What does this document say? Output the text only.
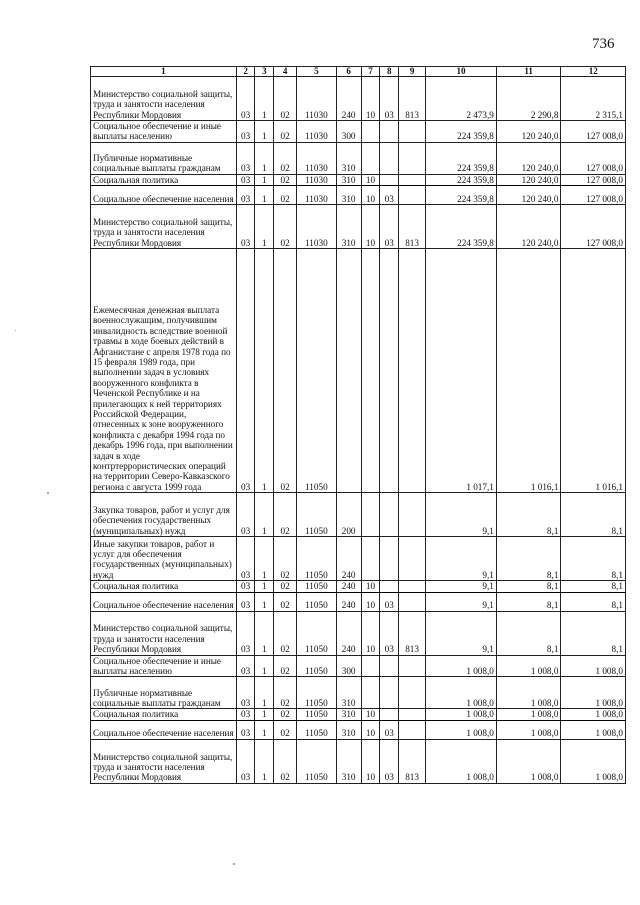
736
1	2	3	4	5	6	7	8	9	10	11	12
Министерство социальной защиты, труда и занятости населения Республики Мордовия	03	1	02	11030	240	10	03	813	2 473,9	2 290,8	2 315,1
Социальное обеспечение и иные выплаты населению	03	1	02	11030	300				224 359,8	120 240,0	127 008,0
Публичные нормативные социальные выплаты гражданам	03	1	02	11030	310				224 359,8	120 240,0	127 008,0
Социальная политика	03	1	02	11030	310	10			224 359,8	120 240,0	127 008,0
Социальное обеспечение населения	03	1	02	11030	310	10	03		224 359,8	120 240,0	127 008,0
Министерство социальной защиты, труда и занятости населения Республики Мордовия	03	1	02	11030	310	10	03	813	224 359,8	120 240,0	127 008,0
Ежемесячная денежная выплата военнослужащим, получившим инвалидность вследствие военной травмы в ходе боевых действий в Афганистане с апреля 1978 года по 15 февраля 1989 года, при выполнении задач в условиях вооруженного конфликта в Чеченской Республике и на прилегающих к ней территориях Российской Федерации, отнесенных к зоне вооруженного конфликта с декабря 1994 года по декабрь 1996 года, при выполнении задач в ходе контртеррористических операций на территории Северо-Кавказского региона с августа 1999 года	03	1	02	11050					1 017,1	1 016,1	1 016,1
Закупка товаров, работ и услуг для обеспечения государственных (муниципальных) нужд	03	1	02	11050	200				9,1	8,1	8,1
Иные закупки товаров, работ и услуг для обеспечения государственных (муниципальных) нужд	03	1	02	11050	240				9,1	8,1	8,1
Социальная политика	03	1	02	11050	240	10			9,1	8,1	8,1
Социальное обеспечение населения	03	1	02	11050	240	10	03		9,1	8,1	8,1
Министерство социальной защиты, труда и занятости населения Республики Мордовия	03	1	02	11050	240	10	03	813	9,1	8,1	8,1
Социальное обеспечение и иные выплаты населению	03	1	02	11050	300				1 008,0	1 008,0	1 008,0
Публичные нормативные социальные выплаты гражданам	03	1	02	11050	310				1 008,0	1 008,0	1 008,0
Социальная политика	03	1	02	11050	310	10			1 008,0	1 008,0	1 008,0
Социальное обеспечение населения	03	1	02	11050	310	10	03		1 008,0	1 008,0	1 008,0
Министерство социальной защиты, труда и занятости населения Республики Мордовия	03	1	02	11050	310	10	03	813	1 008,0	1 008,0	1 008,0
